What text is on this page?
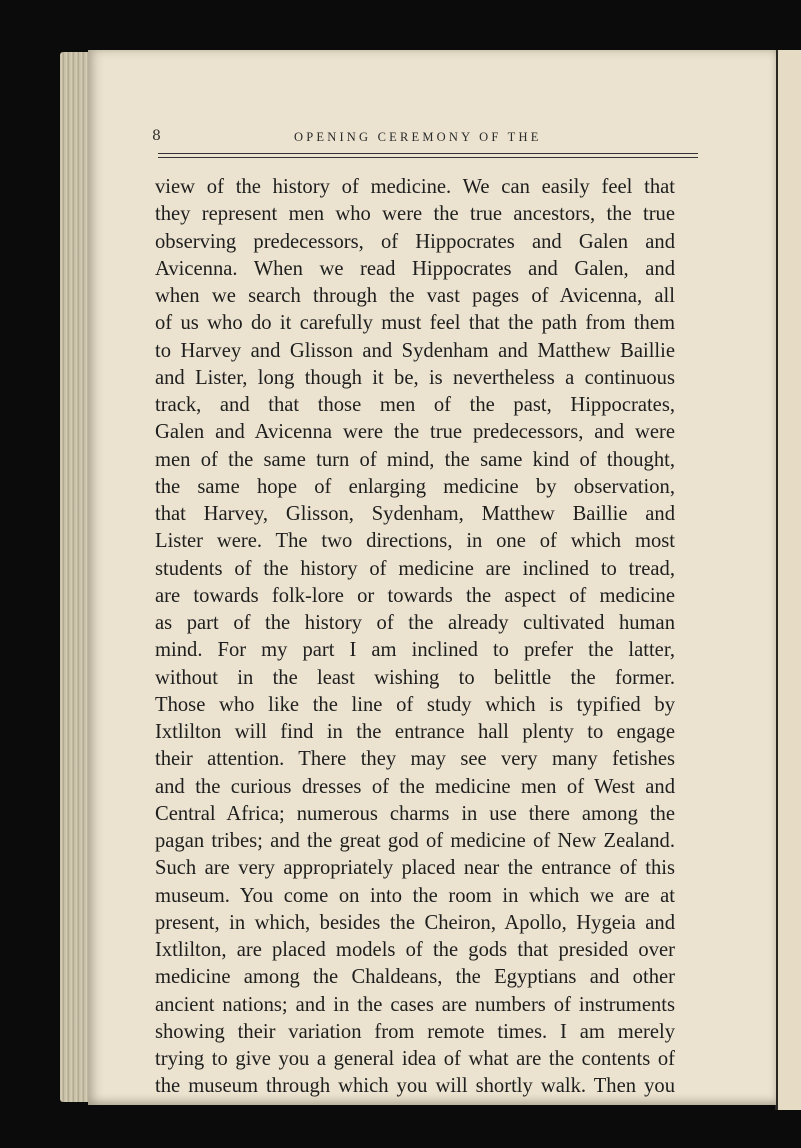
8	OPENING CEREMONY OF THE

view of the history of medicine. We can easily feel that
they represent men who were the true ancestors, the true
observing predecessors, of Hippocrates and Galen and
Avicenna. When we read Hippocrates and Galen, and
when we search through the vast pages of Avicenna, all
of us who do it carefully must feel that the path from them
to Harvey and Glisson and Sydenham and Matthew Baillie
and Lister, long though it be, is nevertheless a continuous
track, and that those men of the past, Hippocrates,
Galen and Avicenna were the true predecessors, and were
men of the same turn of mind, the same kind of thought,
the same hope of enlarging medicine by observation,
that Harvey, Glisson, Sydenham, Matthew Baillie and
Lister were. The two directions, in one of which most
students of the history of medicine are inclined to tread,
are towards folk-lore or towards the aspect of medicine
as part of the history of the already cultivated human
mind. For my part I am inclined to prefer the latter,
without in the least wishing to belittle the former.
Those who like the line of study which is typified by
Ixtlilton will find in the entrance hall plenty to engage
their attention. There they may see very many fetishes
and the curious dresses of the medicine men of West and
Central Africa; numerous charms in use there among the
pagan tribes; and the great god of medicine of New Zealand.
Such are very appropriately placed near the entrance of this
museum. You come on into the room in which we are at
present, in which, besides the Cheiron, Apollo, Hygeia and
Ixtlilton, are placed models of the gods that presided over
medicine among the Chaldeans, the Egyptians and other
ancient nations; and in the cases are numbers of instruments
showing their variation from remote times. I am merely
trying to give you a general idea of what are the contents of
the museum through which you will shortly walk. Then you
